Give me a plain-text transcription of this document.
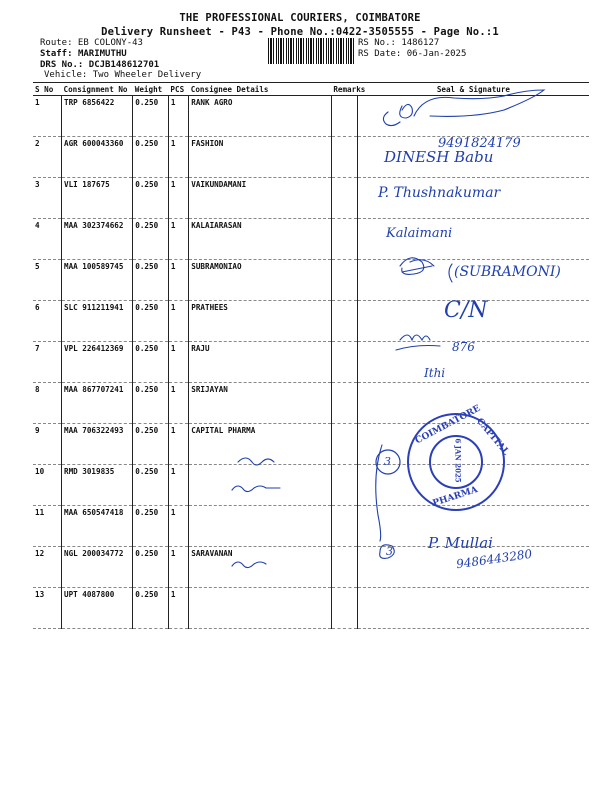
THE PROFESSIONAL COURIERS, COIMBATORE
Delivery Runsheet - P43 - Phone No.:0422-3505555 - Page No.:1
Route: EB COLONY-43
Staff: MARIMUTHU
DRS No.: DCJB148612701
Vehicle: Two Wheeler Delivery
RS No.: 1486127
RS Date: 06-Jan-2025
S No	Consignment No	Weight	PCS	Consignee Details	Remarks	Seal & Signature
1	TRP 6856422	0.250	1	RANK AGRO		
2	AGR 600043360	0.250	1	FASHION		
3	VLI 187675	0.250	1	VAIKUNDAMANI		
4	MAA 302374662	0.250	1	KALAIARASAN		
5	MAA 100589745	0.250	1	SUBRAMONIAO		
6	SLC 911211941	0.250	1	PRATHEES		
7	VPL 226412369	0.250	1	RAJU		
8	MAA 867707241	0.250	1	SRIJAYAN		
9	MAA 706322493	0.250	1	CAPITAL PHARMA		
10	RMD 3019835	0.250	1			
11	MAA 650547418	0.250	1			
12	NGL 200034772	0.250	1	SARAVANAN		
13	UPT 4087800	0.250	1			
9491824179
DINESH Babu
P. Thushnakumar
Kalaimani
(SUBRAMONI)
C/N
876
Ithi
3
3 P. Mullai
9486443280
COIMBATORE
CAPITAL
PHARMA
6 JAN 2025
